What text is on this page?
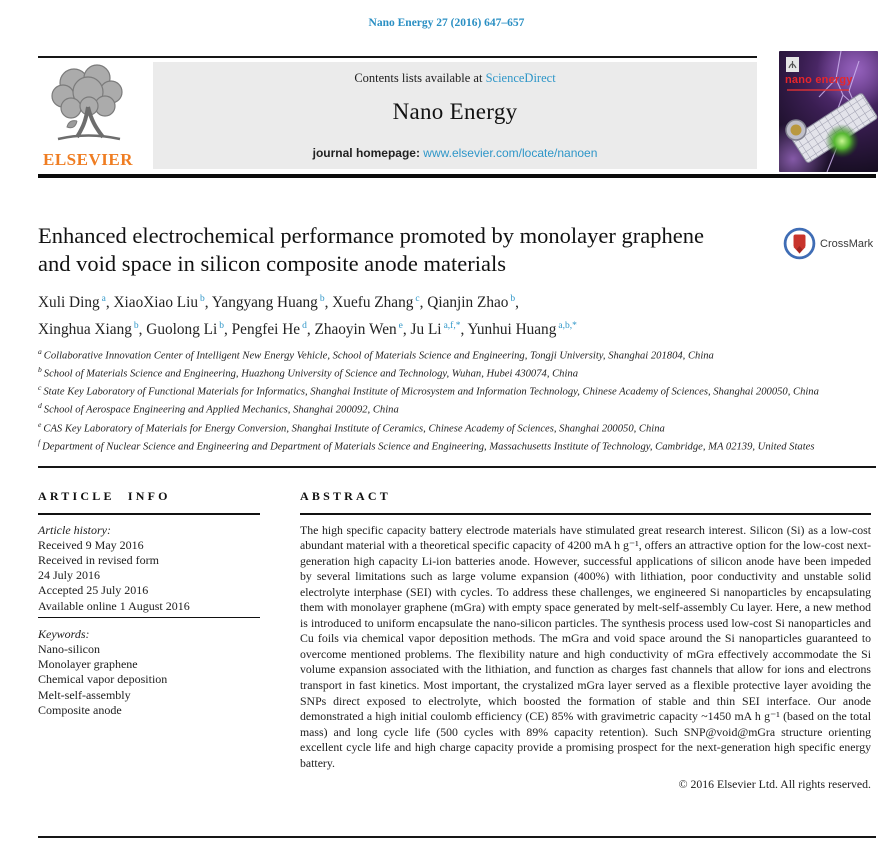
Nano Energy 27 (2016) 647–657
ELSEVIER
Contents lists available at ScienceDirect
Nano Energy
journal homepage: www.elsevier.com/locate/nanoen
nano energy
Enhanced electrochemical performance promoted by monolayer graphene and void space in silicon composite anode materials
CrossMark
Xuli Ding $^a$ , XiaoXiao Liu $^b$ , Yangyang Huang $^b$ , Xuefu Zhang $^c$ , Qianjin Zhao $^b$ ,
Xinghua Xiang $^b$ , Guolong Li $^b$ , Pengfei He $^d$ , Zhaoyin Wen $^e$ , Ju Li $^{a,f,*}$ , Yunhui Huang $^{a,b,*}$
$^a$ Collaborative Innovation Center of Intelligent New Energy Vehicle, School of Materials Science and Engineering, Tongji University, Shanghai 201804, China
$^b$ School of Materials Science and Engineering, Huazhong University of Science and Technology, Wuhan, Hubei 430074, China
$^c$ State Key Laboratory of Functional Materials for Informatics, Shanghai Institute of Microsystem and Information Technology, Chinese Academy of Sciences, Shanghai 200050, China
$^d$ School of Aerospace Engineering and Applied Mechanics, Shanghai 200092, China
$^e$ CAS Key Laboratory of Materials for Energy Conversion, Shanghai Institute of Ceramics, Chinese Academy of Sciences, Shanghai 200050, China
$^f$ Department of Nuclear Science and Engineering and Department of Materials Science and Engineering, Massachusetts Institute of Technology, Cambridge, MA 02139, United States
ARTICLE INFO
Article history:
Received 9 May 2016
Received in revised form
24 July 2016
Accepted 25 July 2016
Available online 1 August 2016
Keywords:
Nano-silicon
Monolayer graphene
Chemical vapor deposition
Melt-self-assembly
Composite anode
ABSTRACT
The high specific capacity battery electrode materials have stimulated great research interest. Silicon (Si) as a low-cost abundant material with a theoretical specific capacity of 4200 mA h g⁻¹, offers an attractive option for the low-cost next-generation high capacity Li-ion batteries anode. However, successful applications of silicon anode have been impeded by several limitations such as large volume expansion (400%) with lithiation, poor conductivity and unstable solid electrolyte interphase (SEI) with cycles. To address these challenges, we engineered Si nanoparticles by encapsulating them with monolayer graphene (mGra) with empty space generated by melt-self-assembly Cu layer. Here, a new method is introduced to uniform encapsulate the nano-silicon particles. The synthesis process used low-cost Si nanoparticles and Cu foils via chemical vapor deposition methods. The mGra and void space around the Si nanoparticles guaranteed to overcome mentioned problems. The flexibility nature and high conductivity of mGra effectively accommodate the Si volume expansion associated with the lithiation, and function as charges fast channels that allow for ions and electrons transport in fast kinetics. Most important, the crystalized mGra layer served as a flexible protective layer avoiding the SNPs direct exposed to electrolyte, which boosted the formation of stable and thin SEI interface. Our anode demonstrated a high initial coulomb efficiency (CE) 85% with gravimetric capacity ~1450 mA h g⁻¹ (based on the total mass) and long cycle life (500 cycles with 89% capacity retention). Such SNP@void@mGra structure orienting excellent cycle life and high charge capacity provide a promising prospect for the next-generation high specific energy battery.
© 2016 Elsevier Ltd. All rights reserved.
